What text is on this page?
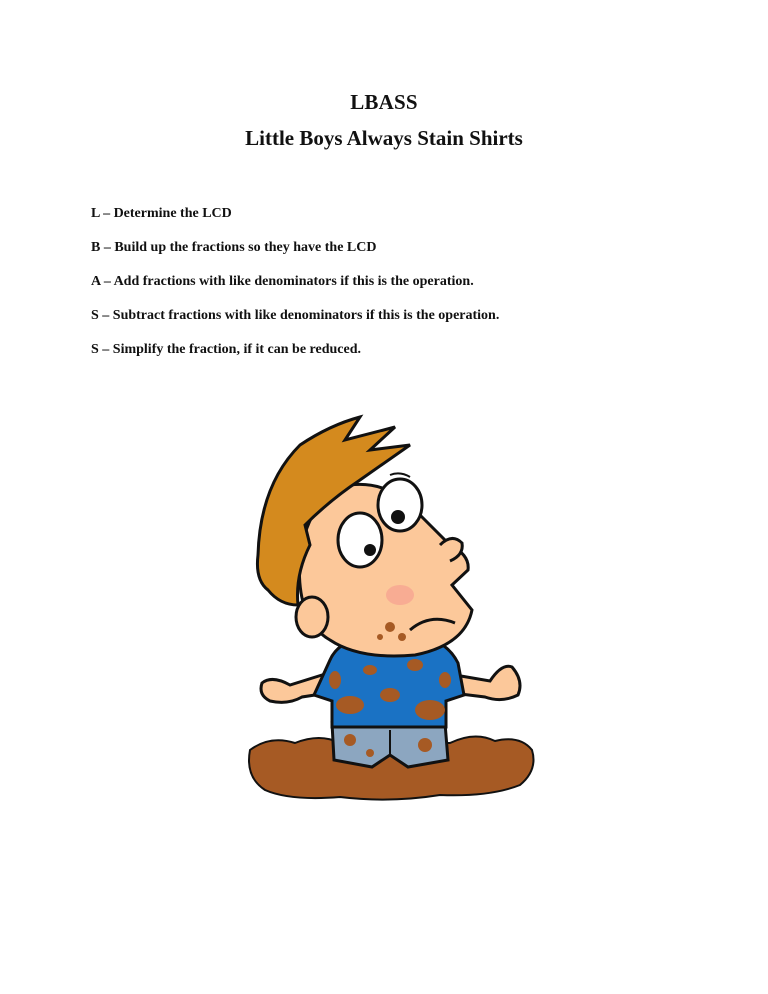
LBASS
Little Boys Always Stain Shirts
L – Determine the LCD
B – Build up the fractions so they have the LCD
A – Add fractions with like denominators if this is the operation.
S – Subtract fractions with like denominators if this is the operation.
S – Simplify the fraction, if it can be reduced.
